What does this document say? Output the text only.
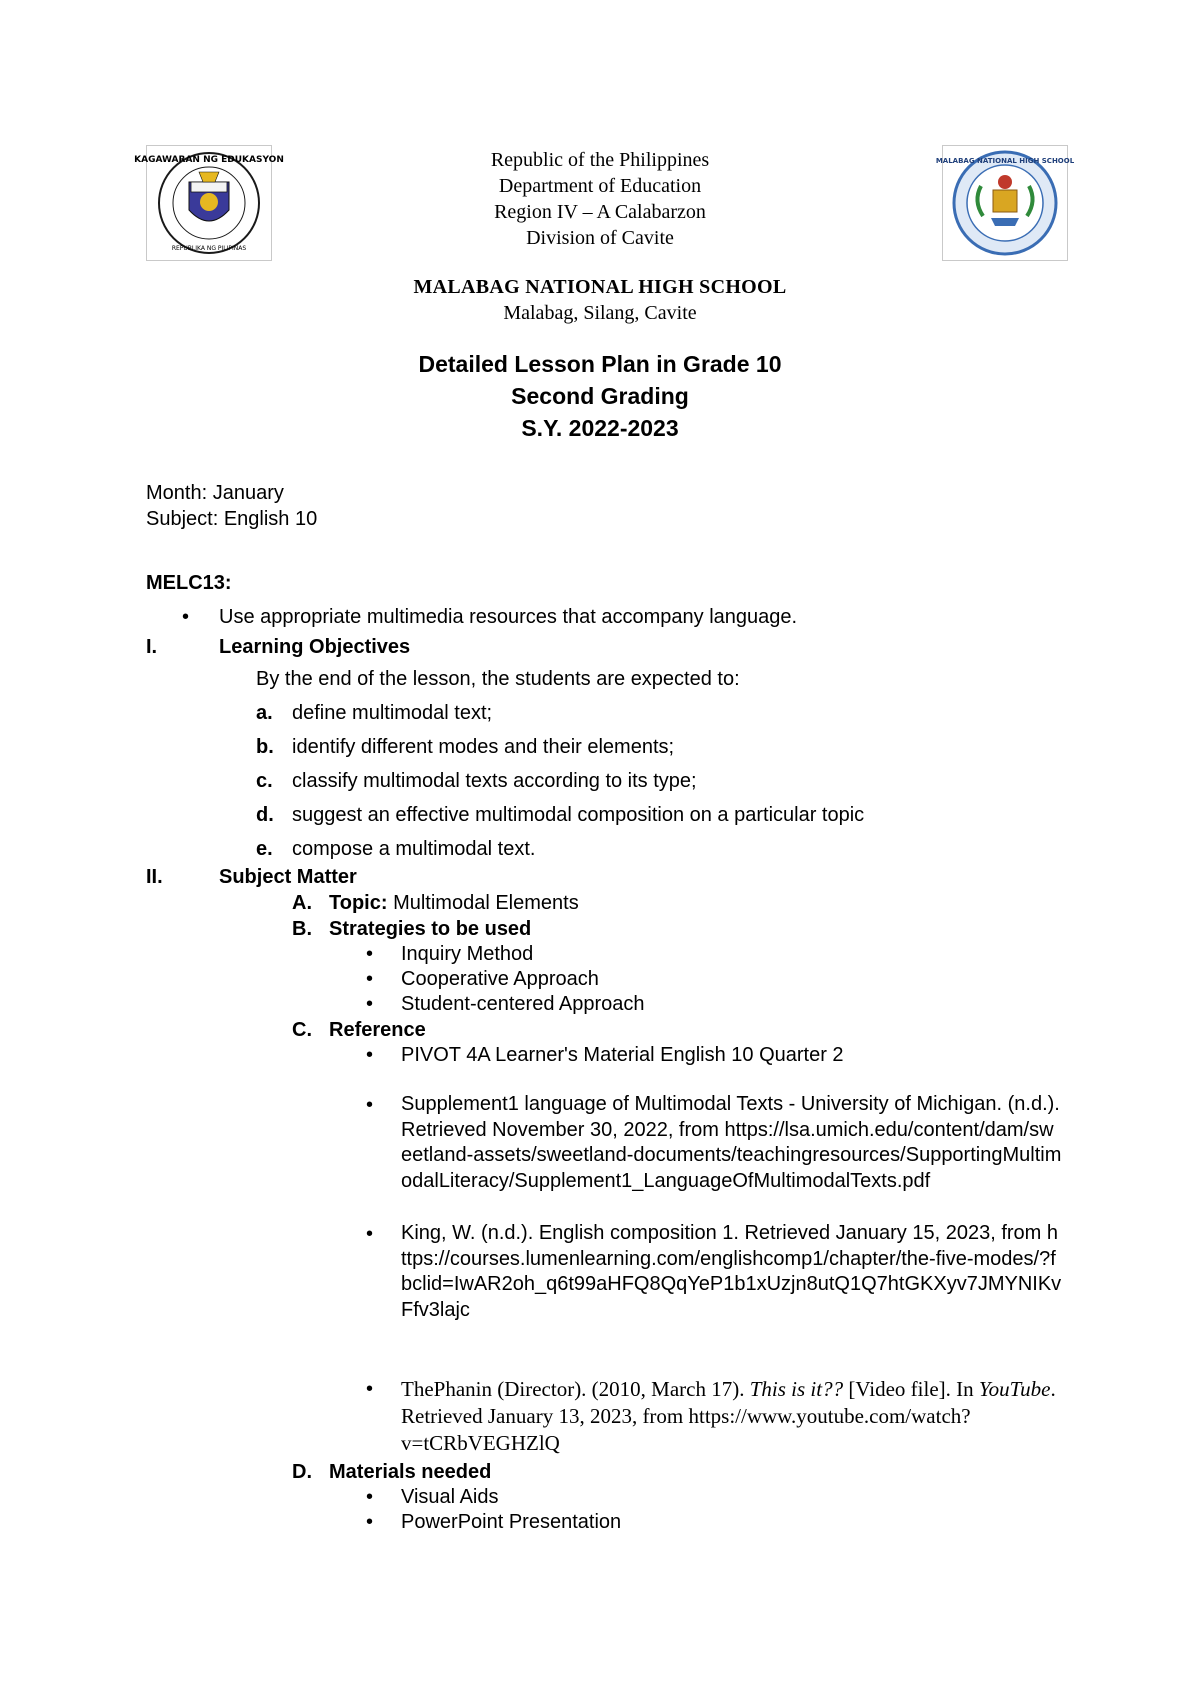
KAGAWARAN NG EDUKASYON
REPUBLIKA NG PILIPINAS
MALABAG NATIONAL HIGH SCHOOL
Republic of the Philippines
Department of Education
Region IV – A Calabarzon
Division of Cavite
MALABAG NATIONAL HIGH SCHOOL
Malabag, Silang, Cavite
Detailed Lesson Plan in Grade 10
Second Grading
S.Y. 2022-2023
Month: January
Subject: English 10
MELC13:
• Use appropriate multimedia resources that accompany language.
I.	Learning Objectives
By the end of the lesson, the students are expected to:
a. define multimodal text;
b. identify different modes and their elements;
c. classify multimodal texts according to its type;
d. suggest an effective multimodal composition on a particular topic
e. compose a multimodal text.
II.	Subject Matter
A. Topic: Multimodal Elements
B. Strategies to be used
• Inquiry Method
• Cooperative Approach
• Student-centered Approach
C. Reference
• PIVOT 4A Learner's Material English 10 Quarter 2
• Supplement1 language of Multimodal Texts - University of Michigan. (n.d.). Retrieved November 30, 2022, from https://lsa.umich.edu/content/dam/sweetland-assets/sweetland-documents/teachingresources/SupportingMultimodalLiteracy/Supplement1_LanguageOfMultimodalTexts.pdf
• King, W. (n.d.). English composition 1. Retrieved January 15, 2023, from https://courses.lumenlearning.com/englishcomp1/chapter/the-five-modes/?fbclid=IwAR2oh_q6t99aHFQ8QqYeP1b1xUzjn8utQ1Q7htGKXyv7JMYNIKvFfv3lajc
• ThePhanin (Director). (2010, March 17). This is it?? [Video file]. In YouTube. Retrieved January 13, 2023, from https://www.youtube.com/watch?v=tCRbVEGHZlQ
D. Materials needed
• Visual Aids
• PowerPoint Presentation
